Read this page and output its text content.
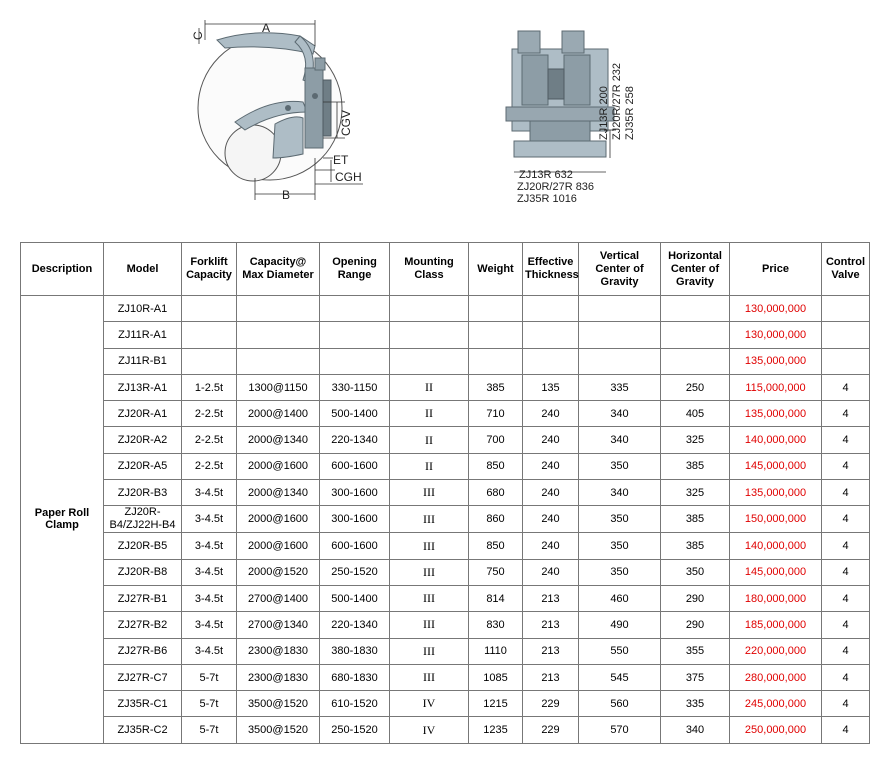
A
B
C
CGV
ET
CGH	ZJ13R 632
ZJ20R/27R 836
ZJ35R 1016
ZJ13R 200 ZJ20R/27R 232 ZJ35R 258
Description	Model	Forklift Capacity	Capacity@ Max Diameter	Opening Range	Mounting Class	Weight	Effective Thickness	Vertical Center of Gravity	Horizontal Center of Gravity	Price	Control Valve
Paper Roll Clamp	ZJ10R-A1									130,000,000	
	ZJ11R-A1									130,000,000	
	ZJ11R-B1									135,000,000	
	ZJ13R-A1	1-2.5t	1300@1150	330-1150	II	385	135	335	250	115,000,000	4
	ZJ20R-A1	2-2.5t	2000@1400	500-1400	II	710	240	340	405	135,000,000	4
	ZJ20R-A2	2-2.5t	2000@1340	220-1340	II	700	240	340	325	140,000,000	4
	ZJ20R-A5	2-2.5t	2000@1600	600-1600	II	850	240	350	385	145,000,000	4
	ZJ20R-B3	3-4.5t	2000@1340	300-1600	III	680	240	340	325	135,000,000	4
	ZJ20R-B4/ZJ22H-B4	3-4.5t	2000@1600	300-1600	III	860	240	350	385	150,000,000	4
	ZJ20R-B5	3-4.5t	2000@1600	600-1600	III	850	240	350	385	140,000,000	4
	ZJ20R-B8	3-4.5t	2000@1520	250-1520	III	750	240	350	350	145,000,000	4
	ZJ27R-B1	3-4.5t	2700@1400	500-1400	III	814	213	460	290	180,000,000	4
	ZJ27R-B2	3-4.5t	2700@1340	220-1340	III	830	213	490	290	185,000,000	4
	ZJ27R-B6	3-4.5t	2300@1830	380-1830	III	1110	213	550	355	220,000,000	4
	ZJ27R-C7	5-7t	2300@1830	680-1830	III	1085	213	545	375	280,000,000	4
	ZJ35R-C1	5-7t	3500@1520	610-1520	IV	1215	229	560	335	245,000,000	4
	ZJ35R-C2	5-7t	3500@1520	250-1520	IV	1235	229	570	340	250,000,000	4
